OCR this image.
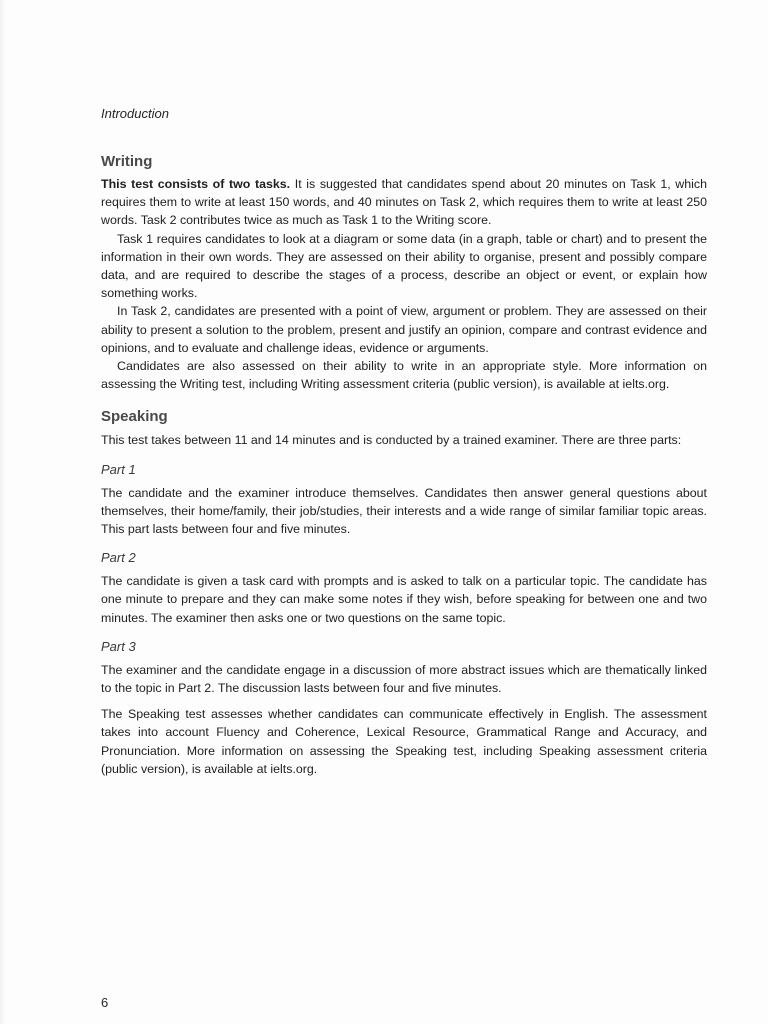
Introduction
Writing

This test consists of two tasks. It is suggested that candidates spend about 20 minutes on Task 1, which requires them to write at least 150 words, and 40 minutes on Task 2, which requires them to write at least 250 words. Task 2 contributes twice as much as Task 1 to the Writing score.

Task 1 requires candidates to look at a diagram or some data (in a graph, table or chart) and to present the information in their own words. They are assessed on their ability to organise, present and possibly compare data, and are required to describe the stages of a process, describe an object or event, or explain how something works.

In Task 2, candidates are presented with a point of view, argument or problem. They are assessed on their ability to present a solution to the problem, present and justify an opinion, compare and contrast evidence and opinions, and to evaluate and challenge ideas, evidence or arguments.

Candidates are also assessed on their ability to write in an appropriate style. More information on assessing the Writing test, including Writing assessment criteria (public version), is available at ielts.org.

Speaking

This test takes between 11 and 14 minutes and is conducted by a trained examiner. There are three parts:

Part 1

The candidate and the examiner introduce themselves. Candidates then answer general questions about themselves, their home/family, their job/studies, their interests and a wide range of similar familiar topic areas. This part lasts between four and five minutes.

Part 2

The candidate is given a task card with prompts and is asked to talk on a particular topic. The candidate has one minute to prepare and they can make some notes if they wish, before speaking for between one and two minutes. The examiner then asks one or two questions on the same topic.

Part 3

The examiner and the candidate engage in a discussion of more abstract issues which are thematically linked to the topic in Part 2. The discussion lasts between four and five minutes.

The Speaking test assesses whether candidates can communicate effectively in English. The assessment takes into account Fluency and Coherence, Lexical Resource, Grammatical Range and Accuracy, and Pronunciation. More information on assessing the Speaking test, including Speaking assessment criteria (public version), is available at ielts.org.

6
